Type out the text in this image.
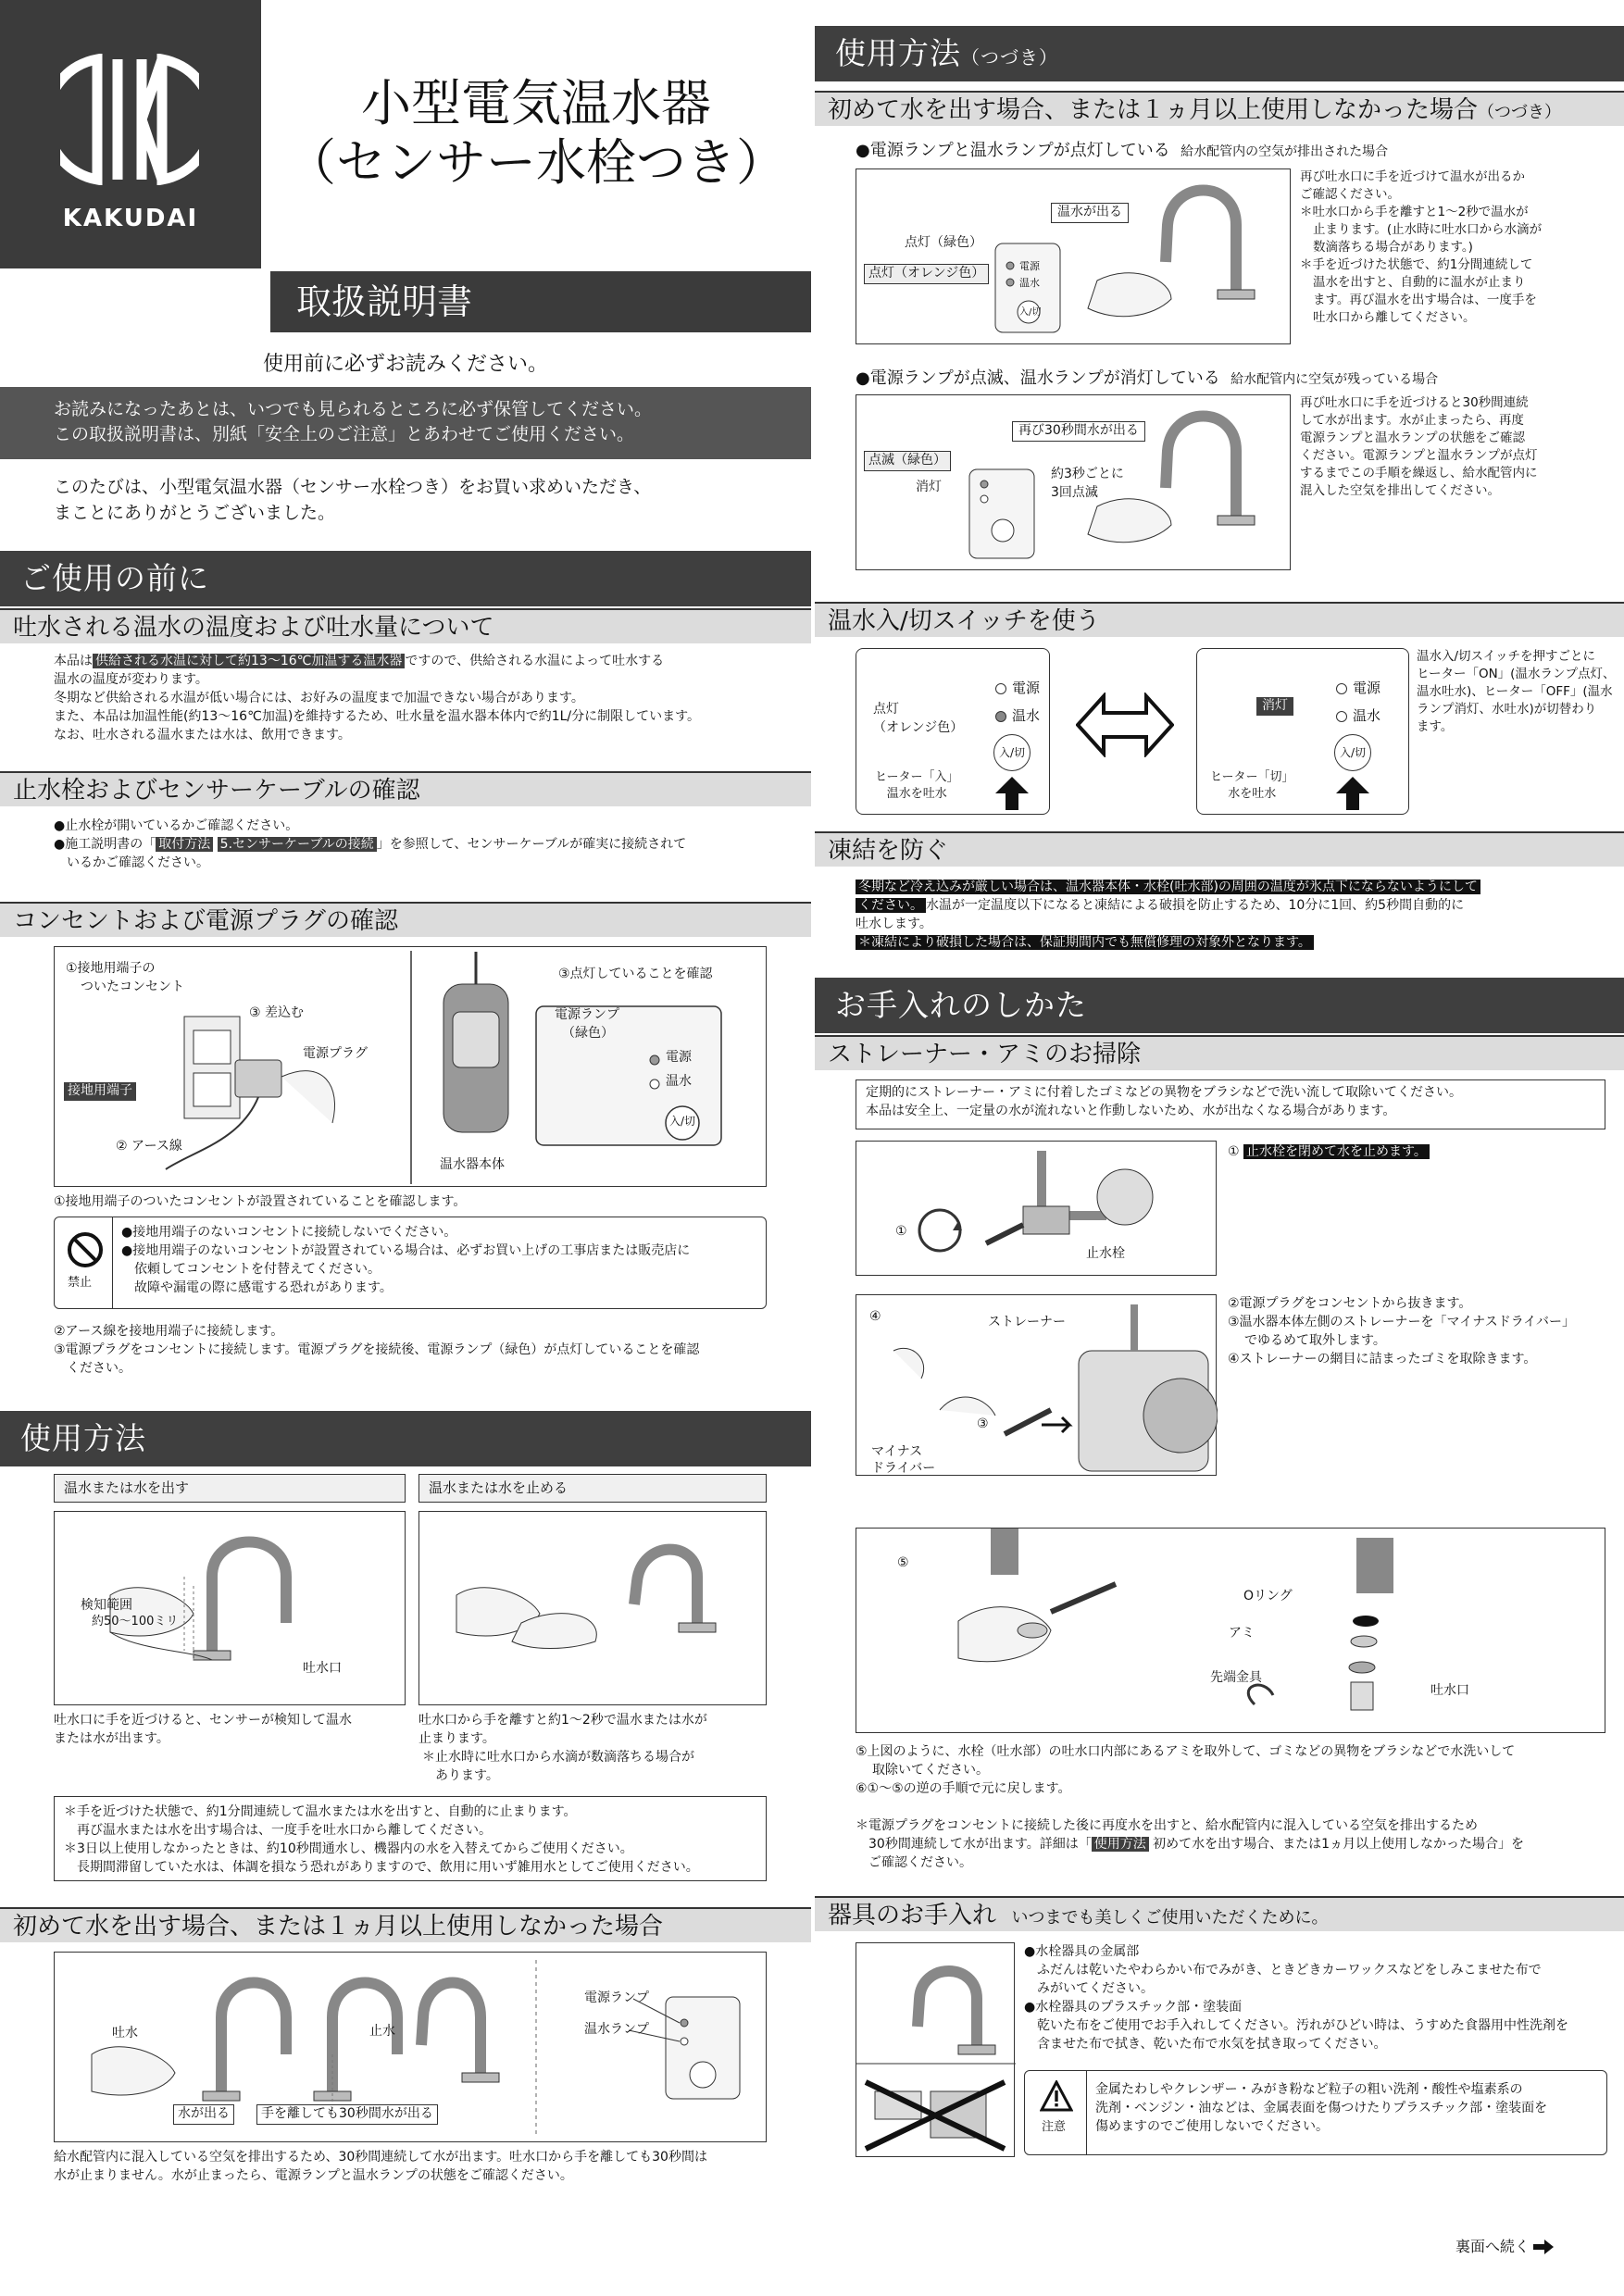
KAKUDAI
小型電気温水器
（センサー水栓つき）
取扱説明書
使用前に必ずお読みください。
お読みになったあとは、いつでも見られるところに必ず保管してください。
この取扱説明書は、別紙「安全上のご注意」とあわせてご使用ください。
このたびは、小型電気温水器（センサー水栓つき）をお買い求めいただき、
まことにありがとうございました。
ご使用の前に
吐水される温水の温度および吐水量について
本品は 供給される水温に対して約13～16℃加温する温水器 ですので、供給される水温によって吐水する
温水の温度が変わります。
冬期など供給される水温が低い場合には、お好みの温度まで加温できない場合があります。
また、本品は加温性能(約13～16℃加温)を維持するため、吐水量を温水器本体内で約1L/分に制限しています。
なお、吐水される温水または水は、飲用できます。
止水栓およびセンサーケーブルの確認
●止水栓が開いているかご確認ください。
●施工説明書の「 取付方法 5.センサーケーブルの接続 」を参照して、センサーケーブルが確実に接続されて
いるかご確認ください。
コンセントおよび電源プラグの確認
①接地用端子の
ついたコンセント
③ 差込む
電源プラグ
接地用端子
② アース線
③点灯していることを確認
電源ランプ
（緑色）
電源
温水
入/切
温水器本体
①接地用端子のついたコンセントが設置されていることを確認します。
禁止
●接地用端子のないコンセントに接続しないでください。
●接地用端子のないコンセントが設置されている場合は、必ずお買い上げの工事店または販売店に
依頼してコンセントを付替えてください。
故障や漏電の際に感電する恐れがあります。
②アース線を接地用端子に接続します。
③電源プラグをコンセントに接続します。電源プラグを接続後、電源ランプ（緑色）が点灯していることを確認
ください。
使用方法
温水または水を出す	温水または水を止める
検知範囲
約50～100ミリ
吐水口
吐水口に手を近づけると、センサーが検知して温水
または水が出ます。
吐水口から手を離すと約1～2秒で温水または水が
止まります。
＊止水時に吐水口から水滴が数滴落ちる場合が
あります。
＊手を近づけた状態で、約1分間連続して温水または水を出すと、自動的に止まります。
再び温水または水を出す場合は、一度手を吐水口から離してください。
＊3日以上使用しなかったときは、約10秒間通水し、機器内の水を入替えてからご使用ください。
長期間滞留していた水は、体調を損なう恐れがありますので、飲用に用いず雑用水としてご使用ください。
初めて水を出す場合、または１ヵ月以上使用しなかった場合
吐水	止水
水が出る	手を離しても30秒間水が出る
電源ランプ
温水ランプ
給水配管内に混入している空気を排出するため、30秒間連続して水が出ます。吐水口から手を離しても30秒間は
水が止まりません。水が止まったら、電源ランプと温水ランプの状態をご確認ください。
使用方法（つづき）
初めて水を出す場合、または１ヵ月以上使用しなかった場合（つづき）
●電源ランプと温水ランプが点灯している 給水配管内の空気が排出された場合
温水が出る
点灯（緑色）
点灯（オレンジ色）	電源
温水
入/切
再び吐水口に手を近づけて温水が出るか
ご確認ください。
＊吐水口から手を離すと1～2秒で温水が
止まります。(止水時に吐水口から水滴が
数滴落ちる場合があります。)
＊手を近づけた状態で、約1分間連続して
温水を出すと、自動的に温水が止まり
ます。再び温水を出す場合は、一度手を
吐水口から離してください。
●電源ランプが点滅、温水ランプが消灯している 給水配管内に空気が残っている場合
再び30秒間水が出る
点滅（緑色）
消灯
約3秒ごとに
3回点滅
再び吐水口に手を近づけると30秒間連続
して水が出ます。水が止まったら、再度
電源ランプと温水ランプの状態をご確認
ください。電源ランプと温水ランプが点灯
するまでこの手順を繰返し、給水配管内に
混入した空気を排出してください。
温水入/切スイッチを使う
点灯
（オレンジ色）
電源
温水
入/切
ヒーター「入」
温水を吐水
消灯
電源
温水
入/切
ヒーター「切」
水を吐水
温水入/切スイッチを押すごとに
ヒーター「ON」(温水ランプ点灯、
温水吐水)、ヒーター「OFF」(温水
ランプ消灯、水吐水)が切替わり
ます。
凍結を防ぐ
冬期など冷え込みが厳しい場合は、温水器本体・水栓(吐水部)の周囲の温度が氷点下にならないようにして
ください。 水温が一定温度以下になると凍結による破損を防止するため、10分に1回、約5秒間自動的に
吐水します。
＊凍結により破損した場合は、保証期間内でも無償修理の対象外となります。
お手入れのしかた
ストレーナー・アミのお掃除
定期的にストレーナー・アミに付着したゴミなどの異物をブラシなどで洗い流して取除いてください。
本品は安全上、一定量の水が流れないと作動しないため、水が出なくなる場合があります。
①
止水栓
① 止水栓を閉めて水を止めます。
④	ストレーナー
③
マイナス
ドライバー
②電源プラグをコンセントから抜きます。
③温水器本体左側のストレーナーを「マイナスドライバー」
でゆるめて取外します。
④ストレーナーの網目に詰まったゴミを取除きます。
⑤
Oリング
アミ
先端金具
吐水口
⑤上図のように、水栓（吐水部）の吐水口内部にあるアミを取外して、ゴミなどの異物をブラシなどで水洗いして
取除いてください。
⑥①～⑤の逆の手順で元に戻します。
＊電源プラグをコンセントに接続した後に再度水を出すと、給水配管内に混入している空気を排出するため
30秒間連続して水が出ます。詳細は「 使用方法 初めて水を出す場合、または1ヵ月以上使用しなかった場合」を
ご確認ください。
器具のお手入れ いつまでも美しくご使用いただくために。
●水栓器具の金属部
ふだんは乾いたやわらかい布でみがき、ときどきカーワックスなどをしみこませた布で
みがいてください。
●水栓器具のプラスチック部・塗装面
乾いた布をご使用でお手入れしてください。汚れがひどい時は、うすめた食器用中性洗剤を
含ませた布で拭き、乾いた布で水気を拭き取ってください。
注意
金属たわしやクレンザー・みがき粉など粒子の粗い洗剤・酸性や塩素系の
洗剤・ベンジン・油などは、金属表面を傷つけたりプラスチック部・塗装面を
傷めますのでご使用しないでください。
裏面へ続く
